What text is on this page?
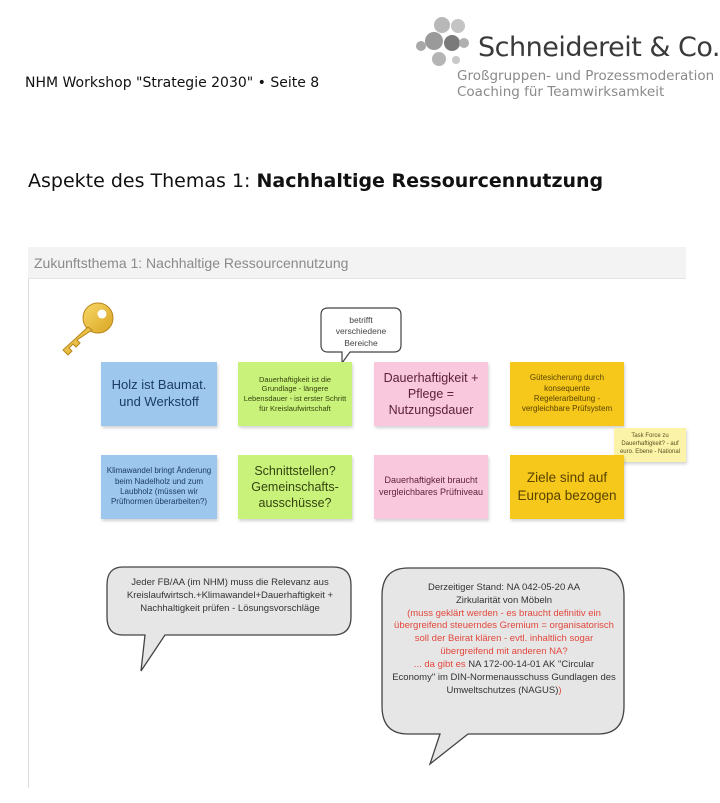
NHM Workshop "Strategie 2030" • Seite 8
Schneidereit & Co.
Großgruppen- und Prozessmoderation
Coaching für Teamwirksamkeit
Aspekte des Themas 1: Nachhaltige Ressourcennutzung
Zukunftsthema 1: Nachhaltige Ressourcennutzung
betrifft verschiedene Bereiche
Holz ist Baumat. und Werkstoff
Dauerhaftigkeit ist die Grundlage - längere Lebensdauer - ist erster Schritt für Kreislaufwirtschaft
Dauerhaftigkeit + Pflege = Nutzungsdauer
Gütesicherung durch konsequente Regelerarbeitung - vergleichbare Prüfsystem
Task Force zu Dauerhaftigkeit? - auf euro. Ebene - National
Klimawandel bringt Änderung beim Nadelholz und zum Laubholz (müssen wir Prüfnormen überarbeiten?)
Schnittstellen? Gemeinschafts-ausschüsse?
Dauerhaftigkeit braucht vergleichbares Prüfniveau
Ziele sind auf Europa bezogen
Jeder FB/AA (im NHM) muss die Relevanz aus Kreislaufwirtsch.+Klimawandel+Dauerhaftigkeit + Nachhaltigkeit prüfen - Lösungsvorschläge
Derzeitiger Stand: NA 042-05-20 AA
Zirkularität von Möbeln
(muss geklärt werden - es braucht definitiv ein übergreifend steuerndes Gremium = organisatorisch soll der Beirat klären - evtl. inhaltlich sogar übergreifend mit anderen NA?
... da gibt es NA 172-00-14-01 AK "Circular Economy" im DIN-Normenausschuss Gundlagen des Umweltschutzes (NAGUS))
